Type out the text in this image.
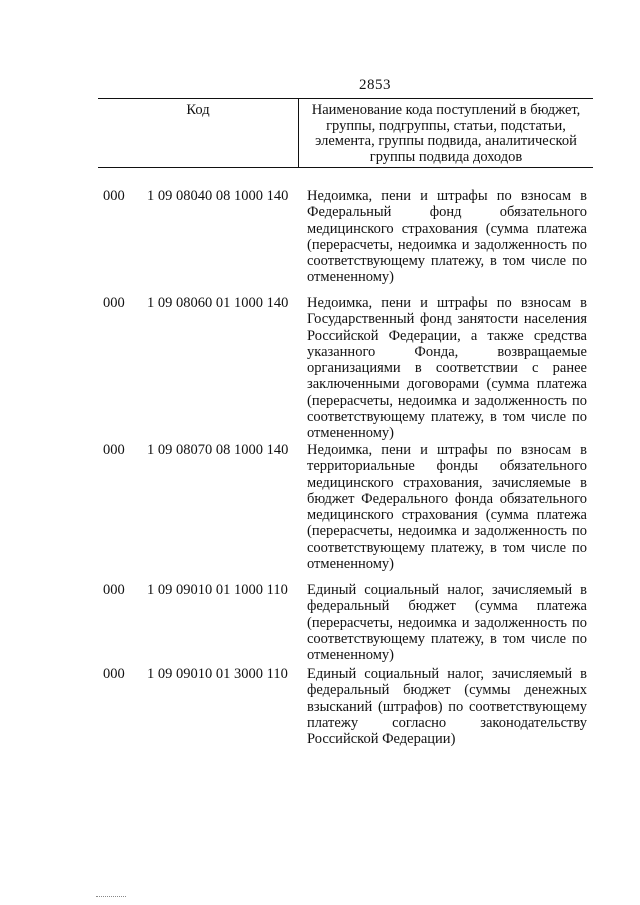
2853
Код	Наименование кода поступлений в бюджет, группы, подгруппы, статьи, подстатьи, элемента, группы подвида, аналитической группы подвида доходов
000 1 09 08040 08 1000 140 Недоимка, пени и штрафы по взносам в
Федеральный фонд обязательного
медицинского страхования (сумма платежа
(перерасчеты, недоимка и задолженность по
соответствующему платежу, в том числе по
отмененному)
000 1 09 08060 01 1000 140 Недоимка, пени и штрафы по взносам в
Государственный фонд занятости населения
Российской Федерации, а также средства
указанного Фонда, возвращаемые
организациями в соответствии с ранее
заключенными договорами (сумма платежа
(перерасчеты, недоимка и задолженность по
соответствующему платежу, в том числе по
отмененному)
000 1 09 08070 08 1000 140 Недоимка, пени и штрафы по взносам в
территориальные фонды обязательного
медицинского страхования, зачисляемые в
бюджет Федерального фонда обязательного
медицинского страхования (сумма платежа
(перерасчеты, недоимка и задолженность по
соответствующему платежу, в том числе по
отмененному)
000 1 09 09010 01 1000 110 Единый социальный налог, зачисляемый в
федеральный бюджет (сумма платежа
(перерасчеты, недоимка и задолженность по
соответствующему платежу, в том числе по
отмененному)
000 1 09 09010 01 3000 110 Единый социальный налог, зачисляемый в
федеральный бюджет (суммы денежных
взысканий (штрафов) по соответствующему
платежу согласно законодательству
Российской Федерации)
